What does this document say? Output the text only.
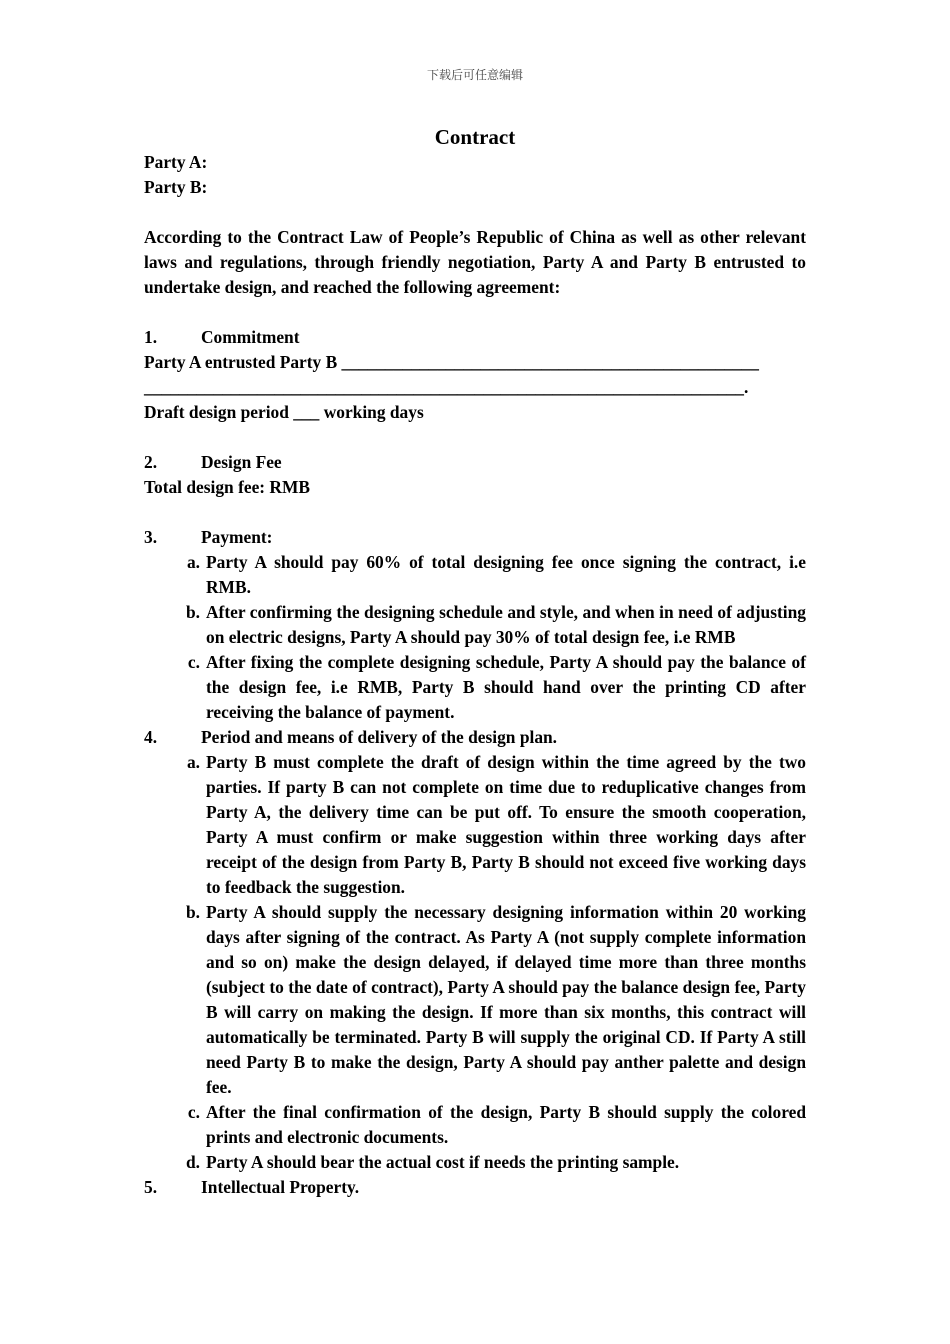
下载后可任意编辑
Contract
Party A:
Party B:
According to the Contract Law of People’s Republic of China as well as other relevant laws and regulations, through friendly negotiation, Party A and Party B entrusted to undertake design, and reached the following agreement:
1.	Commitment
Party A entrusted Party B ________________________________________________
_____________________________________________________________________.
Draft design period ___ working days
2.	Design Fee
Total design fee: RMB
3.	Payment:
a. Party A should pay 60% of total designing fee once signing the contract, i.e RMB.
b. After confirming the designing schedule and style, and when in need of adjusting on electric designs, Party A should pay 30% of total design fee, i.e RMB
c. After fixing the complete designing schedule, Party A should pay the balance of the design fee, i.e RMB, Party B should hand over the printing CD after receiving the balance of payment.
4.	Period and means of delivery of the design plan.
a. Party B must complete the draft of design within the time agreed by the two parties. If party B can not complete on time due to reduplicative changes from Party A, the delivery time can be put off. To ensure the smooth cooperation, Party A must confirm or make suggestion within three working days after receipt of the design from Party B, Party B should not exceed five working days to feedback the suggestion.
b. Party A should supply the necessary designing information within 20 working days after signing of the contract. As Party A (not supply complete information and so on) make the design delayed, if delayed time more than three months (subject to the date of contract), Party A should pay the balance design fee, Party B will carry on making the design. If more than six months, this contract will automatically be terminated. Party B will supply the original CD. If Party A still need Party B to make the design, Party A should pay anther palette and design fee.
c. After the final confirmation of the design, Party B should supply the colored prints and electronic documents.
d. Party A should bear the actual cost if needs the printing sample.
5.	Intellectual Property.
